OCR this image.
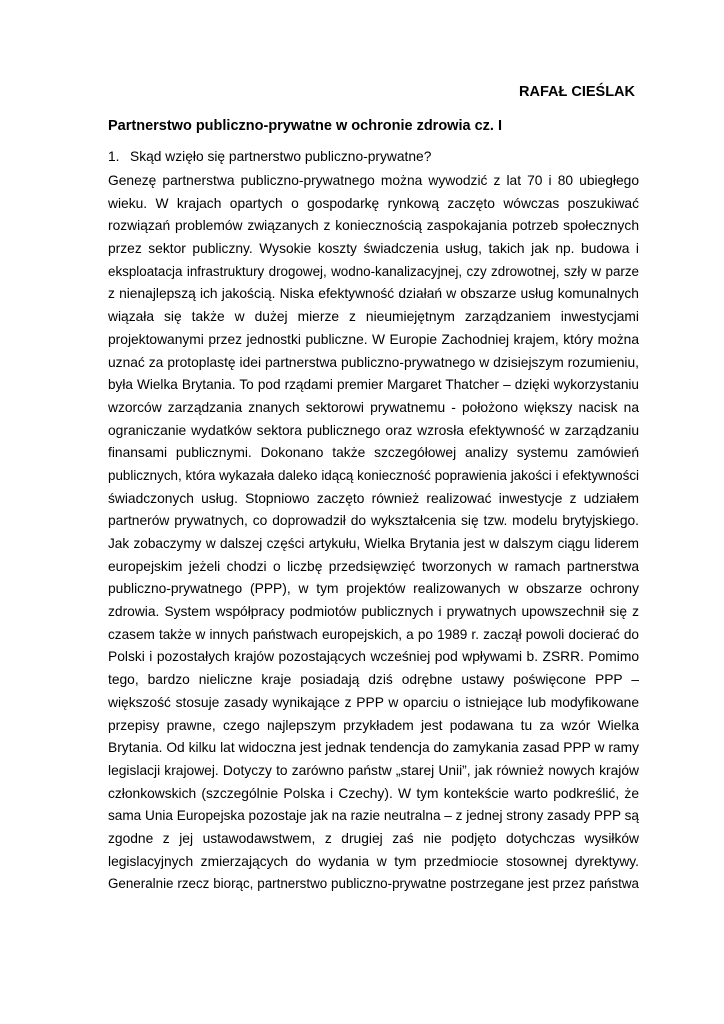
RAFAŁ CIEŚLAK
Partnerstwo publiczno-prywatne w ochronie zdrowia cz. I
1. Skąd wzięło się partnerstwo publiczno-prywatne?
Genezę partnerstwa publiczno-prywatnego można wywodzić z lat 70 i 80 ubiegłego
wieku. W krajach opartych o gospodarkę rynkową zaczęto wówczas poszukiwać
rozwiązań problemów związanych z koniecznością zaspokajania potrzeb społecznych
przez sektor publiczny. Wysokie koszty świadczenia usług, takich jak np. budowa i
eksploatacja infrastruktury drogowej, wodno-kanalizacyjnej, czy zdrowotnej, szły w parze
z nienajlepszą ich jakością. Niska efektywność działań w obszarze usług komunalnych
wiązała się także w dużej mierze z nieumiejętnym zarządzaniem inwestycjami
projektowanymi przez jednostki publiczne. W Europie Zachodniej krajem, który można
uznać za protoplastę idei partnerstwa publiczno-prywatnego w dzisiejszym rozumieniu,
była Wielka Brytania. To pod rządami premier Margaret Thatcher – dzięki wykorzystaniu
wzorców zarządzania znanych sektorowi prywatnemu - położono większy nacisk na
ograniczanie wydatków sektora publicznego oraz wzrosła efektywność w zarządzaniu
finansami publicznymi. Dokonano także szczegółowej analizy systemu zamówień
publicznych, która wykazała daleko idącą konieczność poprawienia jakości i efektywności
świadczonych usług. Stopniowo zaczęto również realizować inwestycje z udziałem
partnerów prywatnych, co doprowadził do wykształcenia się tzw. modelu brytyjskiego.
Jak zobaczymy w dalszej części artykułu, Wielka Brytania jest w dalszym ciągu liderem
europejskim jeżeli chodzi o liczbę przedsięwzięć tworzonych w ramach partnerstwa
publiczno-prywatnego (PPP), w tym projektów realizowanych w obszarze ochrony
zdrowia. System współpracy podmiotów publicznych i prywatnych upowszechnił się z
czasem także w innych państwach europejskich, a po 1989 r. zaczął powoli docierać do
Polski i pozostałych krajów pozostających wcześniej pod wpływami b. ZSRR. Pomimo
tego, bardzo nieliczne kraje posiadają dziś odrębne ustawy poświęcone PPP –
większość stosuje zasady wynikające z PPP w oparciu o istniejące lub modyfikowane
przepisy prawne, czego najlepszym przykładem jest podawana tu za wzór Wielka
Brytania. Od kilku lat widoczna jest jednak tendencja do zamykania zasad PPP w ramy
legislacji krajowej. Dotyczy to zarówno państw „starej Unii”, jak również nowych krajów
członkowskich (szczególnie Polska i Czechy). W tym kontekście warto podkreślić, że
sama Unia Europejska pozostaje jak na razie neutralna – z jednej strony zasady PPP są
zgodne z jej ustawodawstwem, z drugiej zaś nie podjęto dotychczas wysiłków
legislacyjnych zmierzających do wydania w tym przedmiocie stosownej dyrektywy.
Generalnie rzecz biorąc, partnerstwo publiczno-prywatne postrzegane jest przez państwa
